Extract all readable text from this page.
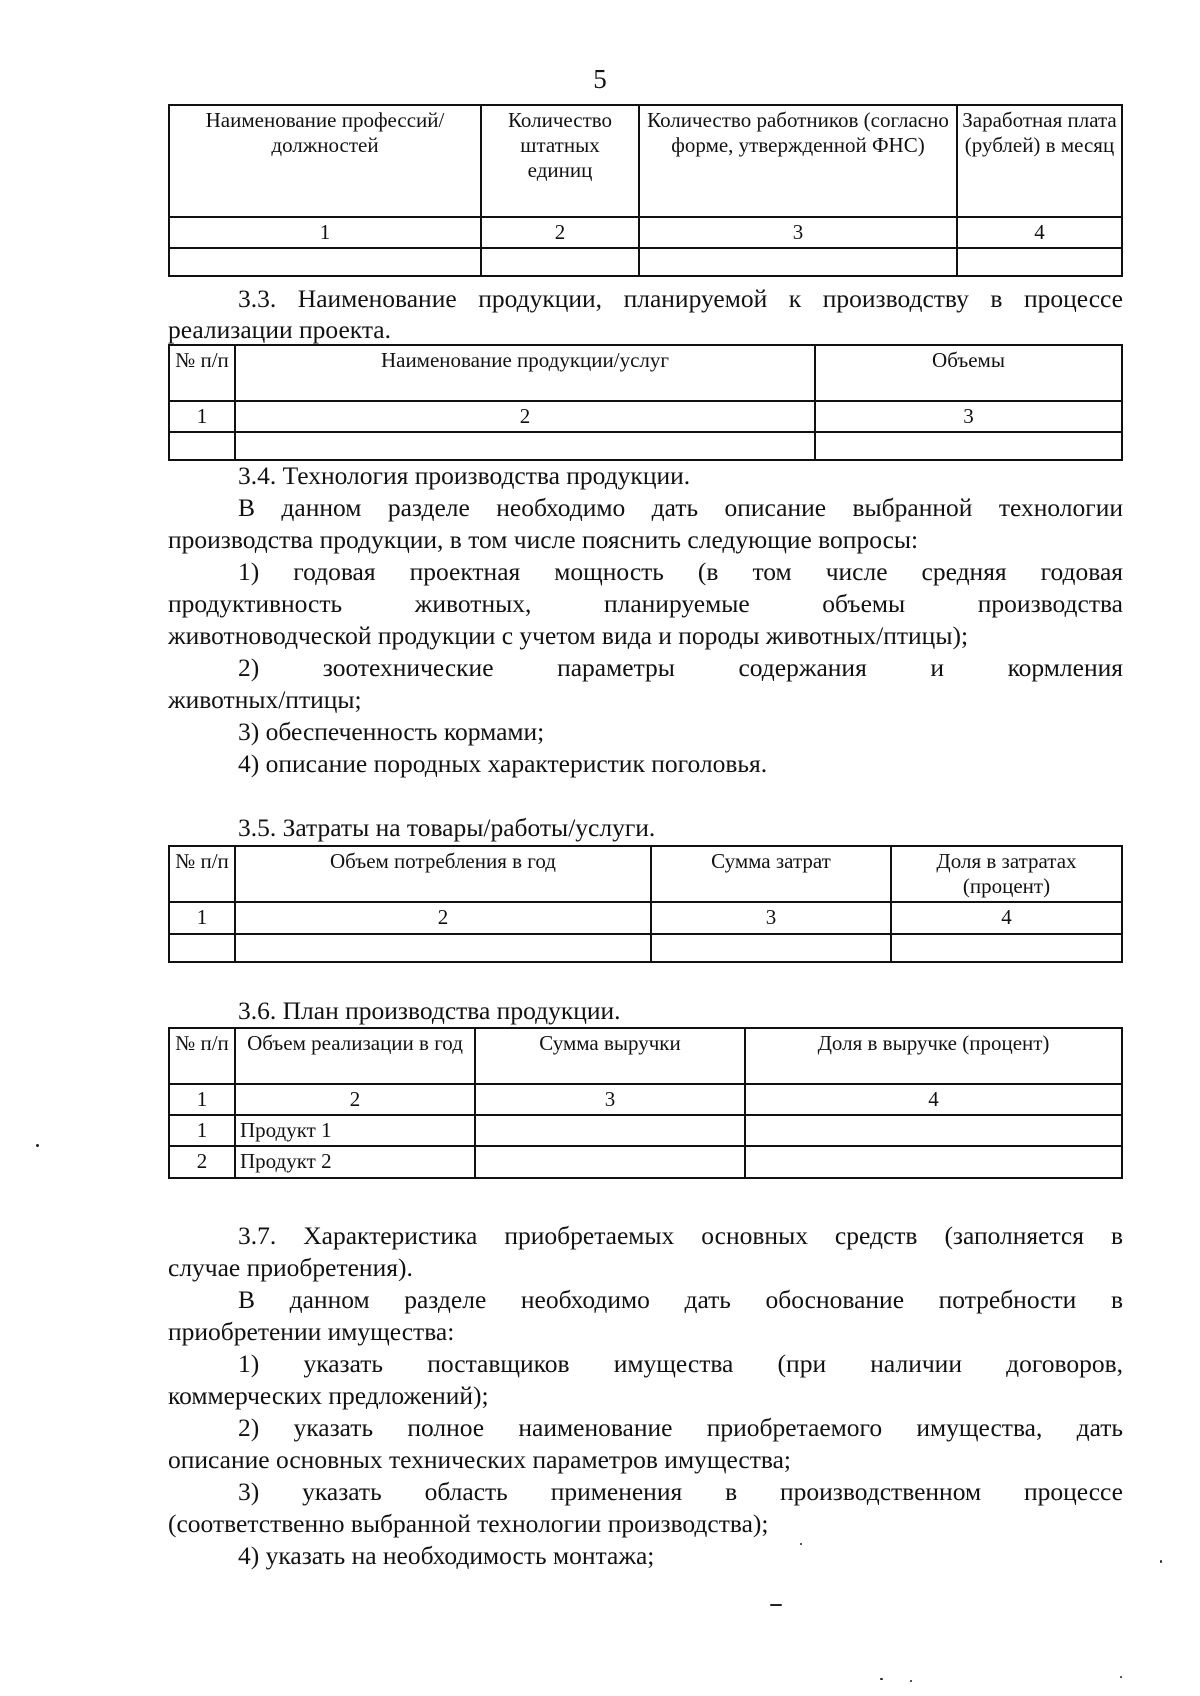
5
Наименование профессий/должностей	Количество штатных единиц	Количество работников (согласно форме, утвержденной ФНС)	Заработная плата (рублей) в месяц
1	2	3	4

3.3. Наименование продукции, планируемой к производству в процессе
реализации проекта.
№ п/п	Наименование продукции/услуг	Объемы
1	2	3

3.4. Технология производства продукции.
В данном разделе необходимо дать описание выбранной технологии
производства продукции, в том числе пояснить следующие вопросы:
1) годовая проектная мощность (в том числе средняя годовая
продуктивность животных, планируемые объемы производства
животноводческой продукции с учетом вида и породы животных/птицы);
2) зоотехнические параметры содержания и кормления
животных/птицы;
3) обеспеченность кормами;
4) описание породных характеристик поголовья.
3.5. Затраты на товары/работы/услуги.
№ п/п	Объем потребления в год	Сумма затрат	Доля в затратах (процент)
1	2	3	4

3.6. План производства продукции.
№ п/п	Объем реализации в год	Сумма выручки	Доля в выручке (процент)
1	2	3	4
1	Продукт 1		
2	Продукт 2		
3.7. Характеристика приобретаемых основных средств (заполняется в
случае приобретения).
В данном разделе необходимо дать обоснование потребности в
приобретении имущества:
1) указать поставщиков имущества (при наличии договоров,
коммерческих предложений);
2) указать полное наименование приобретаемого имущества, дать
описание основных технических параметров имущества;
3) указать область применения в производственном процессе
(соответственно выбранной технологии производства);
4) указать на необходимость монтажа;
